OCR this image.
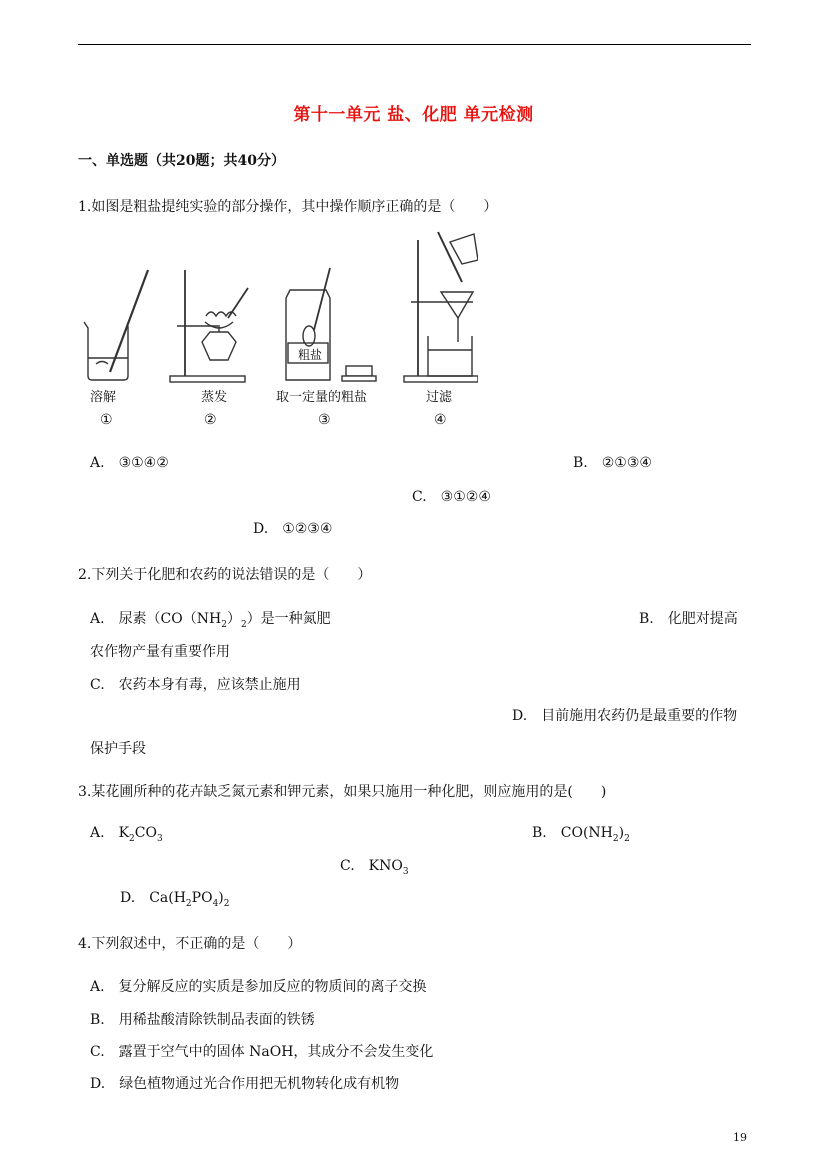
第十一单元 盐、化肥 单元检测
一、单选题（共20题；共40分）
1.如图是粗盐提纯实验的部分操作，其中操作顺序正确的是（　　）
粗盐
溶解	蒸发	取一定量的粗盐	过滤
①	②	③	④
A. ③①④②	B. ②①③④
C. ③①②④
D. ①②③④
2.下列关于化肥和农药的说法错误的是（　　）
A. 尿素$(CO(NH_2)_2)$是一种氮肥	B. 化肥对提高
农作物产量有重要作用
C. 农药本身有毒，应该禁止施用
D. 目前施用农药仍是最重要的作物
保护手段
3.某花圃所种的花卉缺乏氮元素和钾元素，如果只施用一种化肥，则应施用的是(　　)
A. $K_2CO_3$	B. $CO(NH_2)_2$
C. $KNO_3$
D. $Ca(H_2PO_4)_2$
4.下列叙述中，不正确的是（　　）
A. 复分解反应的实质是参加反应的物质间的离子交换
B. 用稀盐酸清除铁制品表面的铁锈
C. 露置于空气中的固体 NaOH，其成分不会发生变化
D. 绿色植物通过光合作用把无机物转化成有机物
19
